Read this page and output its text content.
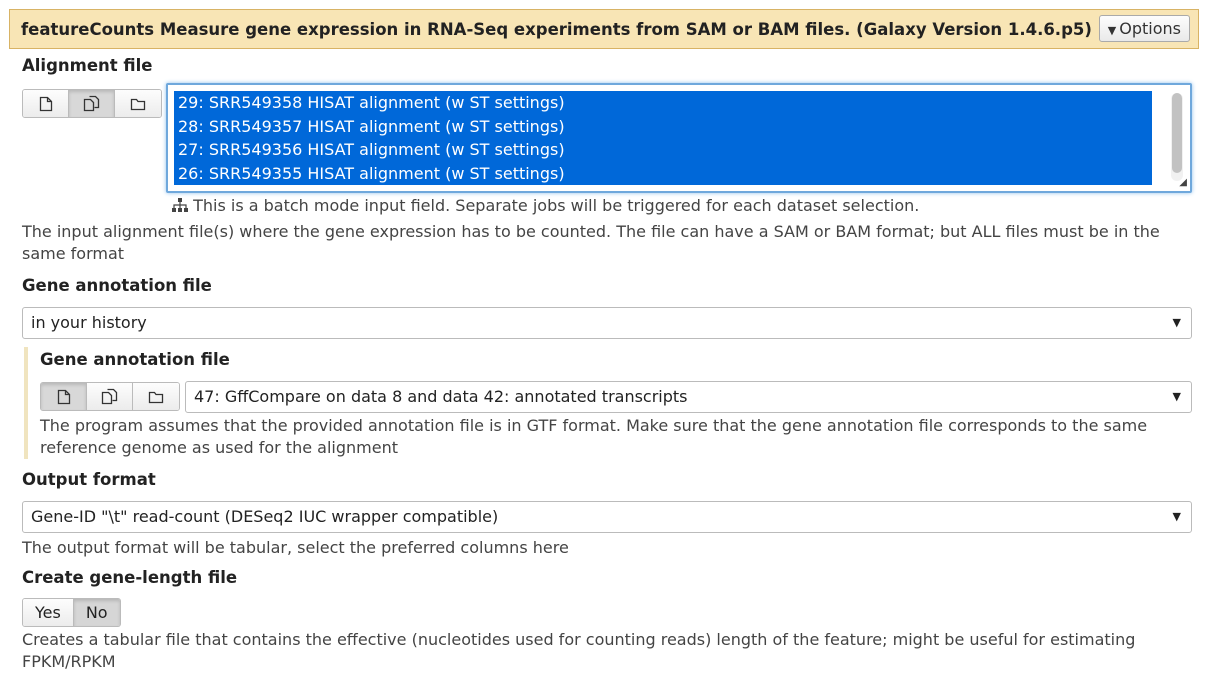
featureCounts Measure gene expression in RNA-Seq experiments from SAM or BAM files. (Galaxy Version 1.4.6.p5)	▼ Options
Alignment file
29: SRR549358 HISAT alignment (w ST settings)
28: SRR549357 HISAT alignment (w ST settings)
27: SRR549356 HISAT alignment (w ST settings)
26: SRR549355 HISAT alignment (w ST settings)	◢
This is a batch mode input field. Separate jobs will be triggered for each dataset selection.
The input alignment file(s) where the gene expression has to be counted. The file can have a SAM or BAM format; but ALL files must be in the same format
Gene annotation file
in your history	▼
Gene annotation file
47: GffCompare on data 8 and data 42: annotated transcripts	▼
The program assumes that the provided annotation file is in GTF format. Make sure that the gene annotation file corresponds to the same reference genome as used for the alignment
Output format
Gene-ID "\t" read-count (DESeq2 IUC wrapper compatible)	▼
The output format will be tabular, select the preferred columns here
Create gene-length file
Yes	No
Creates a tabular file that contains the effective (nucleotides used for counting reads) length of the feature; might be useful for estimating FPKM/RPKM
